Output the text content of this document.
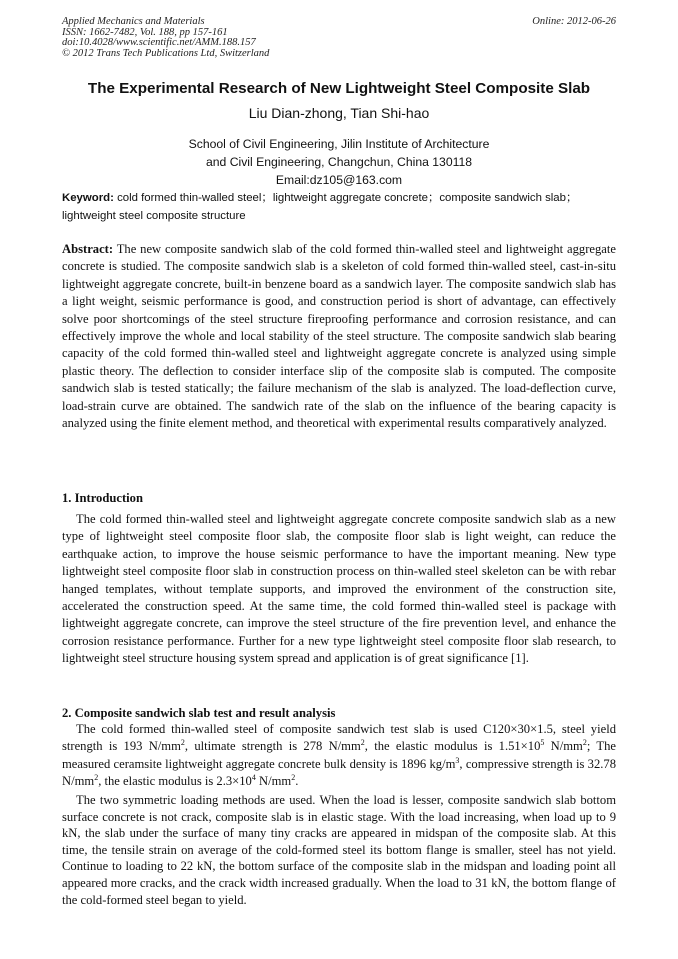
Applied Mechanics and Materials
ISSN: 1662-7482, Vol. 188, pp 157-161
doi:10.4028/www.scientific.net/AMM.188.157
© 2012 Trans Tech Publications Ltd, Switzerland
Online: 2012-06-26
The Experimental Research of New Lightweight Steel Composite Slab
Liu Dian-zhong, Tian Shi-hao
School of Civil Engineering, Jilin Institute of Architecture
and Civil Engineering, Changchun, China 130118
Email:dz105@163.com
Keyword: cold formed thin-walled steel；lightweight aggregate concrete；composite sandwich slab；lightweight steel composite structure

Abstract: The new composite sandwich slab of the cold formed thin-walled steel and lightweight aggregate concrete is studied. The composite sandwich slab is a skeleton of cold formed thin-walled steel, cast-in-situ lightweight aggregate concrete, built-in benzene board as a sandwich layer. The composite sandwich slab has a light weight, seismic performance is good, and construction period is short of advantage, can effectively solve poor shortcomings of the steel structure fireproofing performance and corrosion resistance, and can effectively improve the whole and local stability of the steel structure. The composite sandwich slab bearing capacity of the cold formed thin-walled steel and lightweight aggregate concrete is analyzed using simple plastic theory. The deflection to consider interface slip of the composite slab is computed. The composite sandwich slab is tested statically; the failure mechanism of the slab is analyzed. The load-deflection curve, load-strain curve are obtained. The sandwich rate of the slab on the influence of the bearing capacity is analyzed using the finite element method, and theoretical with experimental results comparatively analyzed.

1. Introduction

The cold formed thin-walled steel and lightweight aggregate concrete composite sandwich slab as a new type of lightweight steel composite floor slab, the composite floor slab is light weight, can reduce the earthquake action, to improve the house seismic performance to have the important meaning. New type lightweight steel composite floor slab in construction process on thin-walled steel skeleton can be with rebar hanged templates, without template supports, and improved the environment of the construction site, accelerated the construction speed. At the same time, the cold formed thin-walled steel is package with lightweight aggregate concrete, can improve the steel structure of the fire prevention level, and enhance the corrosion resistance performance. Further for a new type lightweight steel composite floor slab research, to lightweight steel structure housing system spread and application is of great significance [1].

2. Composite sandwich slab test and result analysis

The cold formed thin-walled steel of composite sandwich test slab is used C120×30×1.5, steel yield strength is 193 $N/mm^2$, ultimate strength is 278 $N/mm^2$, the elastic modulus is $1.51\times 10^5$ $N/mm^2$; The measured ceramsite lightweight aggregate concrete bulk density is 1896 $kg/m^3$, compressive strength is 32.78 $N/mm^2$, the elastic modulus is $2.3\times 10^4$ $N/mm^2$.

The two symmetric loading methods are used. When the load is lesser, composite sandwich slab bottom surface concrete is not crack, composite slab is in elastic stage. With the load increasing, when load up to 9 kN, the slab under the surface of many tiny cracks are appeared in midspan of the composite slab. At this time, the tensile strain on average of the cold-formed steel its bottom flange is smaller, steel has not yield. Continue to loading to 22 kN, the bottom surface of the composite slab in the midspan and loading point all appeared more cracks, and the crack width increased gradually. When the load to 31 kN, the bottom flange of the cold-formed steel began to yield.
